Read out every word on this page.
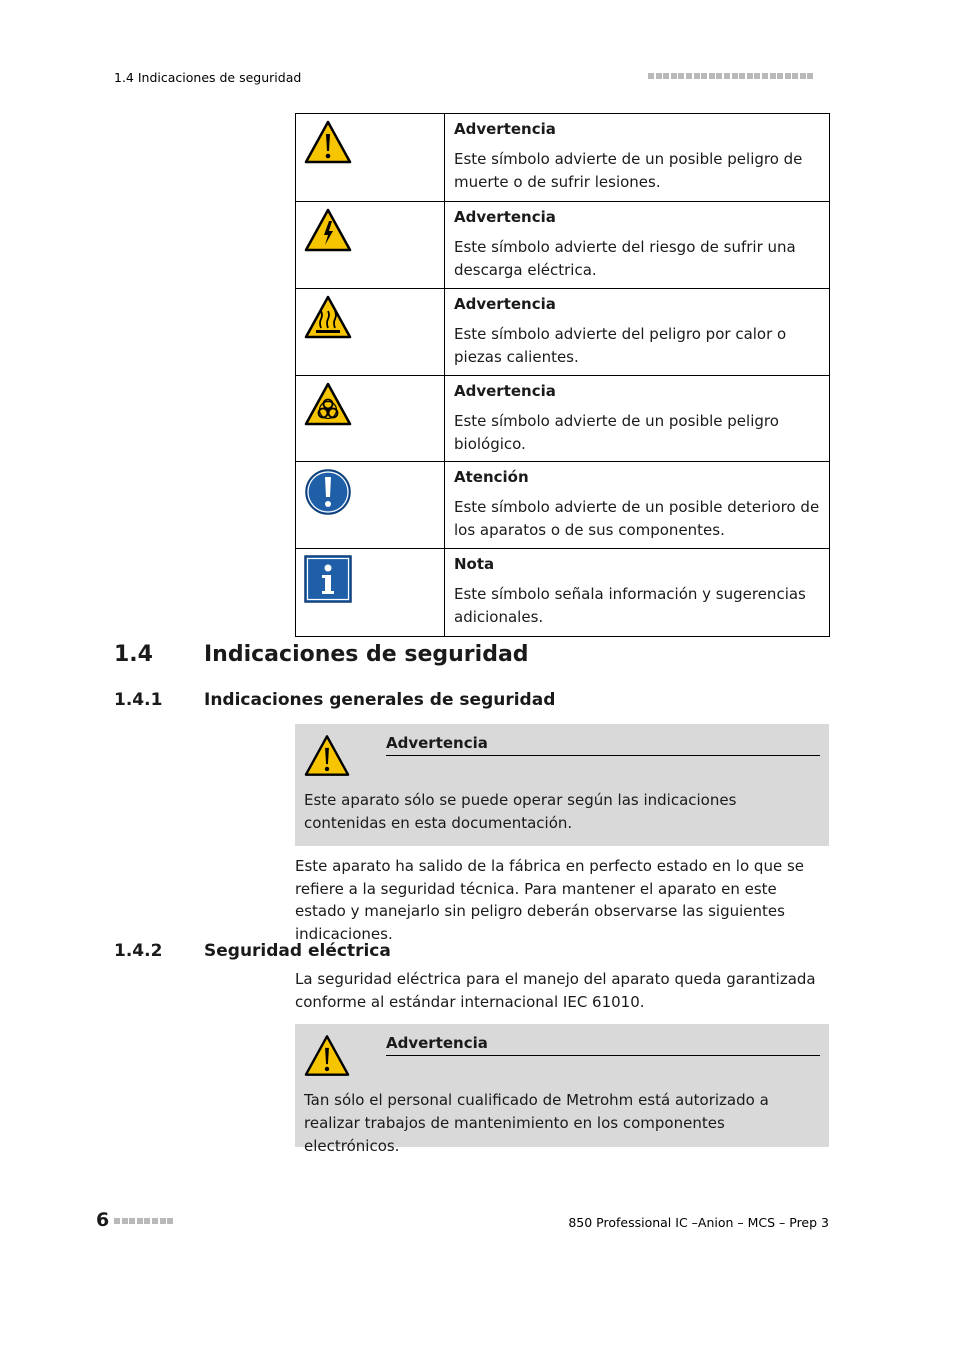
1.4 Indicaciones de seguridad

Advertencia
Este símbolo advierte de un posible peligro de muerte o de sufrir lesiones.

Advertencia
Este símbolo advierte del riesgo de sufrir una descarga eléctrica.

Advertencia
Este símbolo advierte del peligro por calor o piezas calientes.

Advertencia
Este símbolo advierte de un posible peligro biológico.

Atención
Este símbolo advierte de un posible deterioro de los aparatos o de sus componentes.

Nota
Este símbolo señala información y sugerencias adicionales.
1.4	Indicaciones de seguridad
1.4.1	Indicaciones generales de seguridad
Advertencia
Este aparato sólo se puede operar según las indicaciones contenidas en esta documentación.
Este aparato ha salido de la fábrica en perfecto estado en lo que se refiere a la seguridad técnica. Para mantener el aparato en este estado y manejarlo sin peligro deberán observarse las siguientes indicaciones.
1.4.2	Seguridad eléctrica
La seguridad eléctrica para el manejo del aparato queda garantizada conforme al estándar internacional IEC 61010.
Advertencia
Tan sólo el personal cualificado de Metrohm está autorizado a realizar trabajos de mantenimiento en los componentes electrónicos.
6	850 Professional IC –Anion – MCS – Prep 3
